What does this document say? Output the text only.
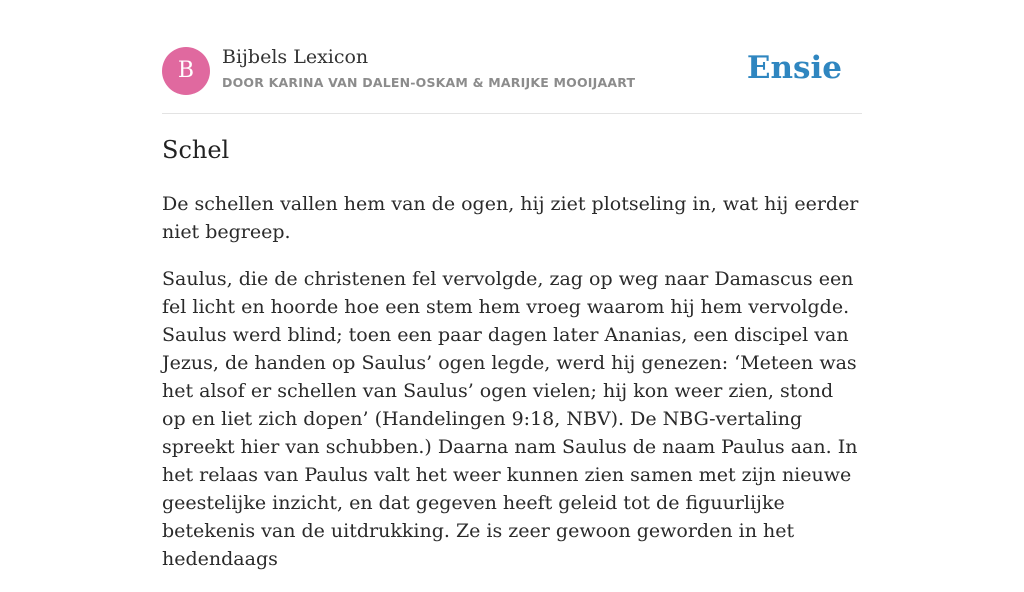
B
Bijbels Lexicon
DOOR KARINA VAN DALEN-OSKAM & MARIJKE MOOIJAART	Ensie
Schel

De schellen vallen hem van de ogen, hij ziet plotseling in, wat hij eerder niet begreep.

Saulus, die de christenen fel vervolgde, zag op weg naar Damascus een fel licht en hoorde hoe een stem hem vroeg waarom hij hem vervolgde. Saulus werd blind; toen een paar dagen later Ananias, een discipel van Jezus, de handen op Saulus’ ogen legde, werd hij genezen: ‘Meteen was het alsof er schellen van Saulus’ ogen vielen; hij kon weer zien, stond op en liet zich dopen’ (Handelingen 9:18, NBV). De NBG-vertaling spreekt hier van schubben.) Daarna nam Saulus de naam Paulus aan. In het relaas van Paulus valt het weer kunnen zien samen met zijn nieuwe geestelijke inzicht, en dat gegeven heeft geleid tot de figuurlijke betekenis van de uitdrukking. Ze is zeer gewoon geworden in het hedendaags
